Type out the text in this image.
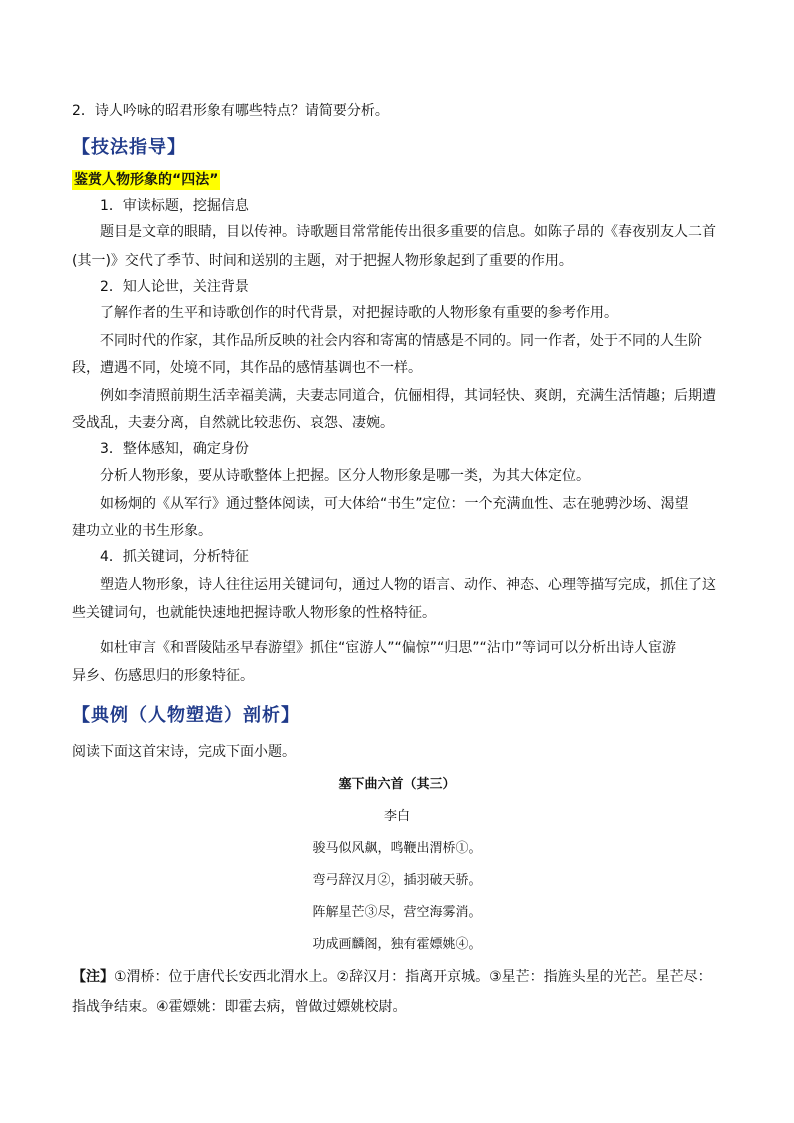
2．诗人吟咏的昭君形象有哪些特点？请简要分析。
【技法指导】
鉴赏人物形象的“四法”
1．审读标题，挖掘信息
题目是文章的眼睛，目以传神。诗歌题目常常能传出很多重要的信息。如陈子昂的《春夜别友人二首
(其一)》交代了季节、时间和送别的主题，对于把握人物形象起到了重要的作用。
2．知人论世，关注背景
了解作者的生平和诗歌创作的时代背景，对把握诗歌的人物形象有重要的参考作用。
不同时代的作家，其作品所反映的社会内容和寄寓的情感是不同的。同一作者，处于不同的人生阶
段，遭遇不同，处境不同，其作品的感情基调也不一样。
例如李清照前期生活幸福美满，夫妻志同道合，伉俪相得，其词轻快、爽朗，充满生活情趣；后期遭
受战乱，夫妻分离，自然就比较悲伤、哀怨、凄婉。
3．整体感知，确定身份
分析人物形象，要从诗歌整体上把握。区分人物形象是哪一类，为其大体定位。
如杨炯的《从军行》通过整体阅读，可大体给“书生”定位：一个充满血性、志在驰骋沙场、渴望
建功立业的书生形象。
4．抓关键词，分析特征
塑造人物形象，诗人往往运用关键词句，通过人物的语言、动作、神态、心理等描写完成，抓住了这
些关键词句，也就能快速地把握诗歌人物形象的性格特征。
如杜审言《和晋陵陆丞早春游望》抓住“宦游人”“偏惊”“归思”“沾巾”等词可以分析出诗人宦游
异乡、伤感思归的形象特征。
【典例（人物塑造）剖析】
阅读下面这首宋诗，完成下面小题。
塞下曲六首（其三）
李白
骏马似风飙，鸣鞭出渭桥①。
弯弓辞汉月②，插羽破天骄。
阵解星芒③尽，营空海雾消。
功成画麟阁，独有霍嫖姚④。
【注】①渭桥：位于唐代长安西北渭水上。②辞汉月：指离开京城。③星芒：指旌头星的光芒。星芒尽：
指战争结束。④霍嫖姚：即霍去病，曾做过嫖姚校尉。
